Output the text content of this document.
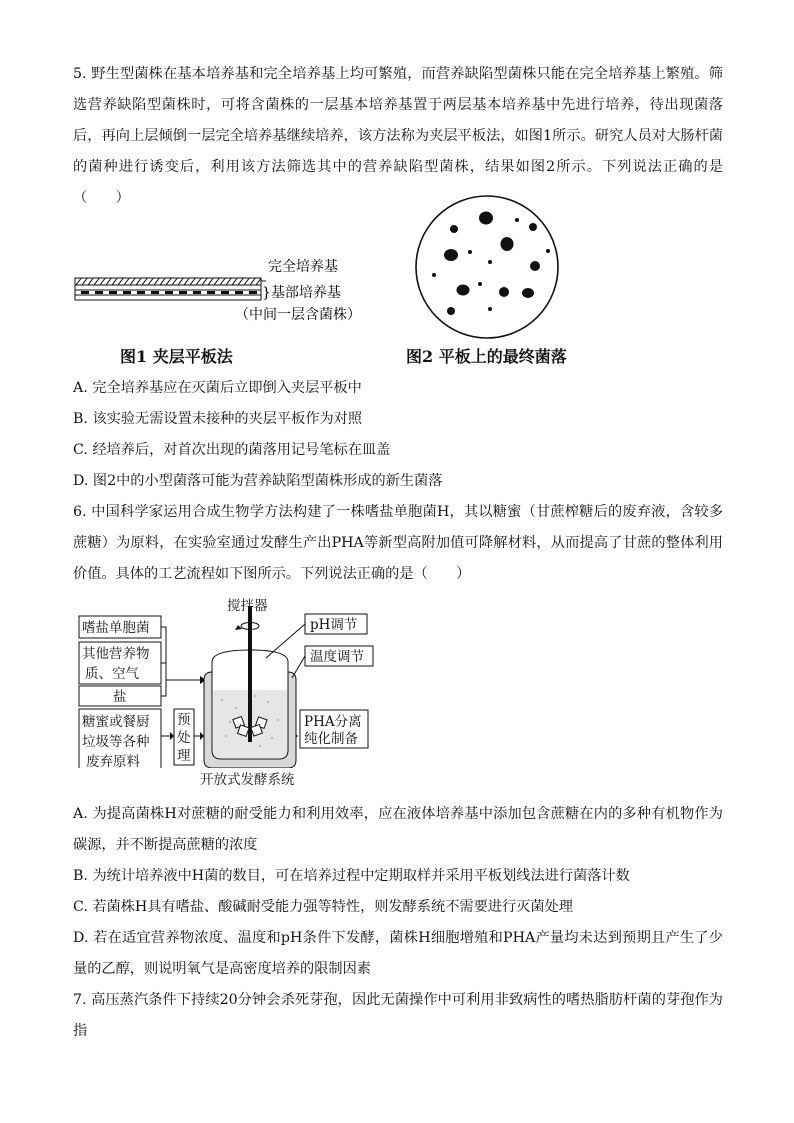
5. 野生型菌株在基本培养基和完全培养基上均可繁殖，而营养缺陷型菌株只能在完全培养基上繁殖。筛选营养缺陷型菌株时，可将含菌株的一层基本培养基置于两层基本培养基中先进行培养，待出现菌落后，再向上层倾倒一层完全培养基继续培养，该方法称为夹层平板法，如图1所示。研究人员对大肠杆菌的菌种进行诱变后，利用该方法筛选其中的营养缺陷型菌株，结果如图2所示。下列说法正确的是（　　）

完全培养基
}基部培养基
（中间一层含菌株）
图1 夹层平板法	图2 平板上的最终菌落

A. 完全培养基应在灭菌后立即倒入夹层平板中

B. 该实验无需设置未接种的夹层平板作为对照

C. 经培养后，对首次出现的菌落用记号笔标在皿盖

D. 图2中的小型菌落可能为营养缺陷型菌株形成的新生菌落

6. 中国科学家运用合成生物学方法构建了一株嗜盐单胞菌H，其以糖蜜（甘蔗榨糖后的废弃液，含较多蔗糖）为原料，在实验室通过发酵生产出PHA等新型高附加值可降解材料，从而提高了甘蔗的整体利用价值。具体的工艺流程如下图所示。下列说法正确的是（　　）

嗜盐单胞菌
其他营养物
质、空气
盐
糖蜜或餐厨
垃圾等各种
废弃原料
预
处
理
搅拌器
pH调节
温度调节
PHA分离
纯化制备
开放式发酵系统

A. 为提高菌株H对蔗糖的耐受能力和利用效率，应在液体培养基中添加包含蔗糖在内的多种有机物作为碳源，并不断提高蔗糖的浓度

B. 为统计培养液中H菌的数目，可在培养过程中定期取样并采用平板划线法进行菌落计数

C. 若菌株H具有嗜盐、酸碱耐受能力强等特性，则发酵系统不需要进行灭菌处理

D. 若在适宜营养物浓度、温度和pH条件下发酵，菌株H细胞增殖和PHA产量均未达到预期且产生了少量的乙醇，则说明氧气是高密度培养的限制因素

7. 高压蒸汽条件下持续20分钟会杀死芽孢，因此无菌操作中可利用非致病性的嗜热脂肪杆菌的芽孢作为指
